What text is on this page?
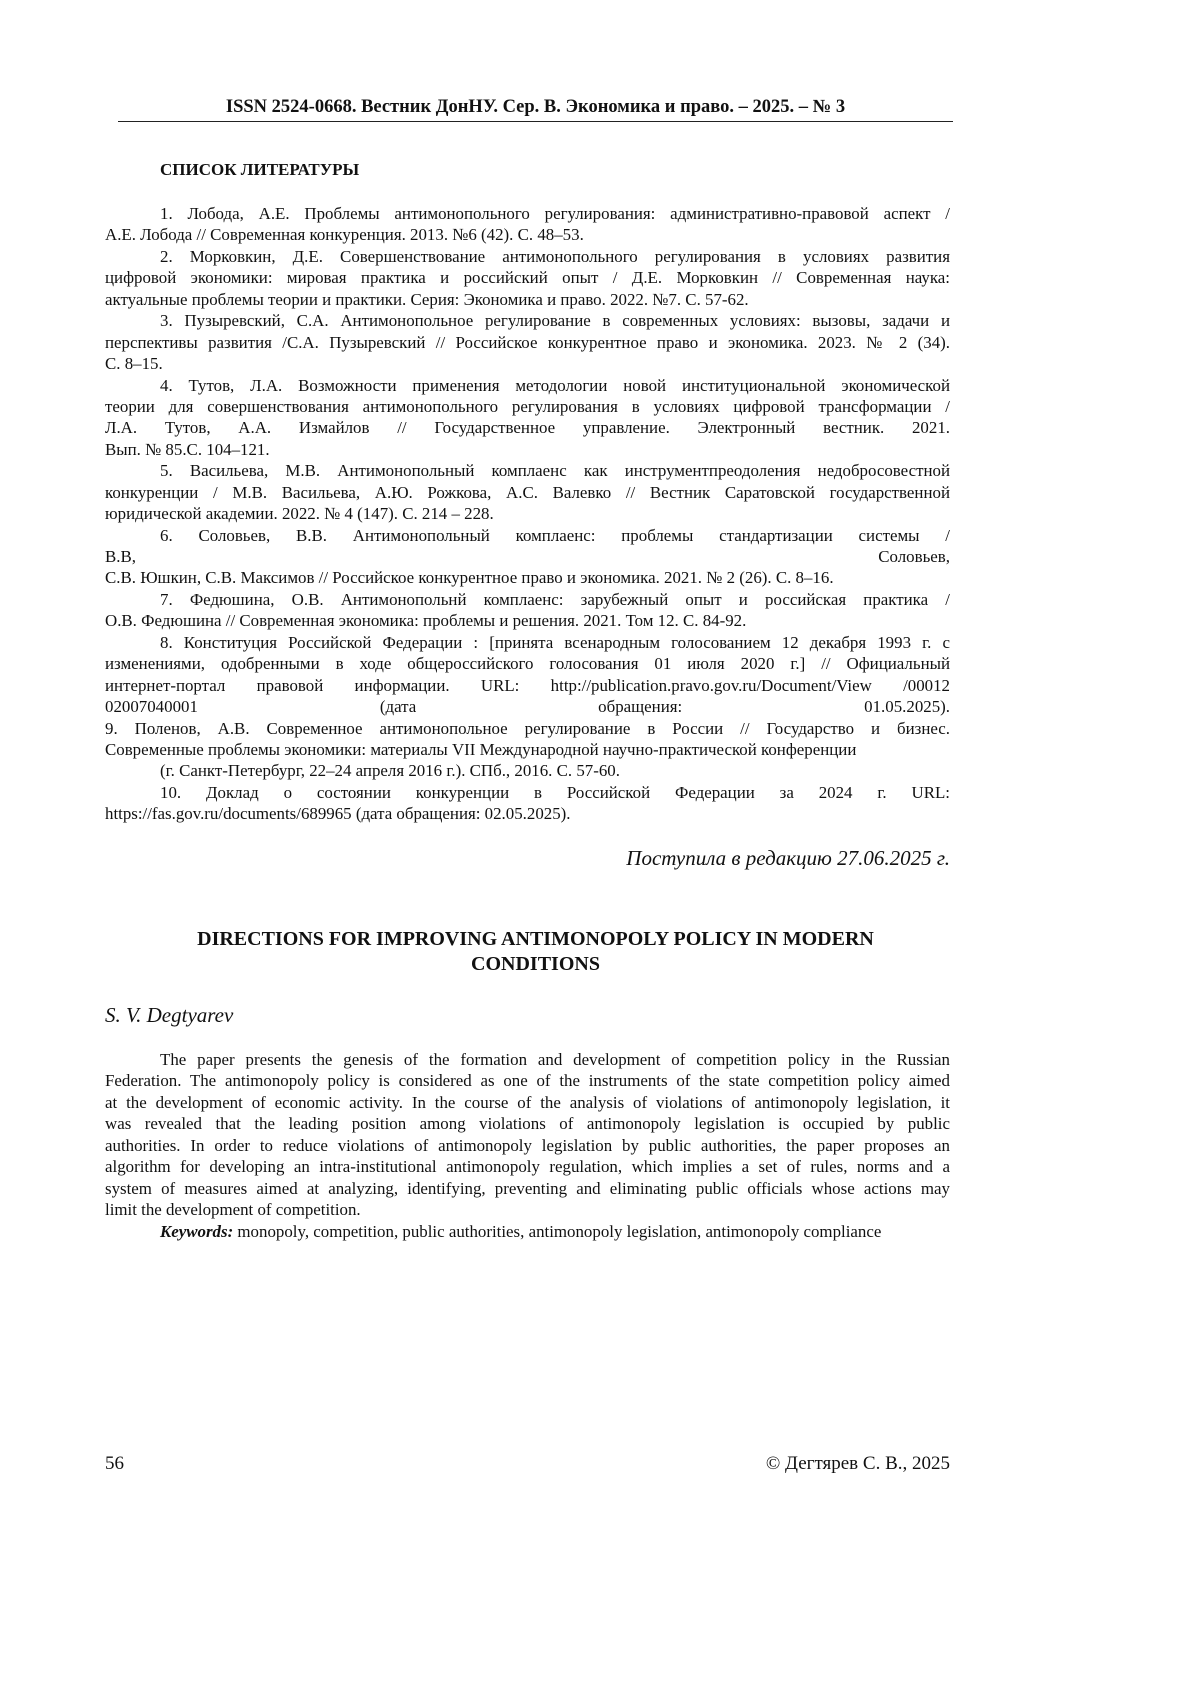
ISSN 2524-0668. Вестник ДонНУ. Сер. В. Экономика и право. – 2025. – № 3
СПИСОК ЛИТЕРАТУРЫ
1. Лобода, А.Е. Проблемы антимонопольного регулирования: административно-правовой аспект /
А.Е. Лобода // Современная конкуренция. 2013. №6 (42). С. 48–53.
2. Морковкин, Д.Е. Совершенствование антимонопольного регулирования в условиях развития
цифровой экономики: мировая практика и российский опыт / Д.Е. Морковкин // Современная наука:
актуальные проблемы теории и практики. Серия: Экономика и право. 2022. №7. С. 57-62.
3. Пузыревский, С.А. Антимонопольное регулирование в современных условиях: вызовы, задачи и
перспективы развития /С.А. Пузыревский // Российское конкурентное право и экономика. 2023. № 2 (34).
С. 8–15.
4. Тутов, Л.А. Возможности применения методологии новой институциональной экономической
теории для совершенствования антимонопольного регулирования в условиях цифровой трансформации /
Л.А. Тутов, А.А. Измайлов // Государственное управление. Электронный вестник. 2021.
Вып. № 85.С. 104–121.
5. Васильева, М.В. Антимонопольный комплаенс как инструментпреодоления недобросовестной
конкуренции / М.В. Васильева, А.Ю. Рожкова, А.С. Валевко // Вестник Саратовской государственной
юридической академии. 2022. № 4 (147). С. 214 – 228.
6. Соловьев, В.В. Антимонопольный комплаенс: проблемы стандартизации системы /
В.В, Соловьев,
С.В. Юшкин, С.В. Максимов // Российское конкурентное право и экономика. 2021. № 2 (26). С. 8–16.
7. Федюшина, О.В. Антимонопольнй комплаенс: зарубежный опыт и российская практика /
О.В. Федюшина // Современная экономика: проблемы и решения. 2021. Том 12. С. 84-92.
8. Конституция Российской Федерации : [принята всенародным голосованием 12 декабря 1993 г. с
изменениями, одобренными в ходе общероссийского голосования 01 июля 2020 г.] // Официальный
интернет-портал правовой информации. URL: http://publication.pravo.gov.ru/Document/View /00012
02007040001 (дата обращения: 01.05.2025).
9. Поленов, А.В. Современное антимонопольное регулирование в России // Государство и бизнес.
Современные проблемы экономики: материалы VII Международной научно-практической конференции
(г. Санкт-Петербург, 22–24 апреля 2016 г.). СПб., 2016. С. 57-60.
10. Доклад о состоянии конкуренции в Российской Федерации за 2024 г. URL:
https://fas.gov.ru/documents/689965 (дата обращения: 02.05.2025).
Поступила в редакцию 27.06.2025 г.
DIRECTIONS FOR IMPROVING ANTIMONOPOLY POLICY IN MODERN
CONDITIONS
S. V. Degtyarev
The paper presents the genesis of the formation and development of competition policy in the Russian
Federation. The antimonopoly policy is considered as one of the instruments of the state competition policy aimed
at the development of economic activity. In the course of the analysis of violations of antimonopoly legislation, it
was revealed that the leading position among violations of antimonopoly legislation is occupied by public
authorities. In order to reduce violations of antimonopoly legislation by public authorities, the paper proposes an
algorithm for developing an intra-institutional antimonopoly regulation, which implies a set of rules, norms and a
system of measures aimed at analyzing, identifying, preventing and eliminating public officials whose actions may
limit the development of competition.
Keywords: monopoly, competition, public authorities, antimonopoly legislation, antimonopoly compliance
56	© Дегтярев С. В., 2025
